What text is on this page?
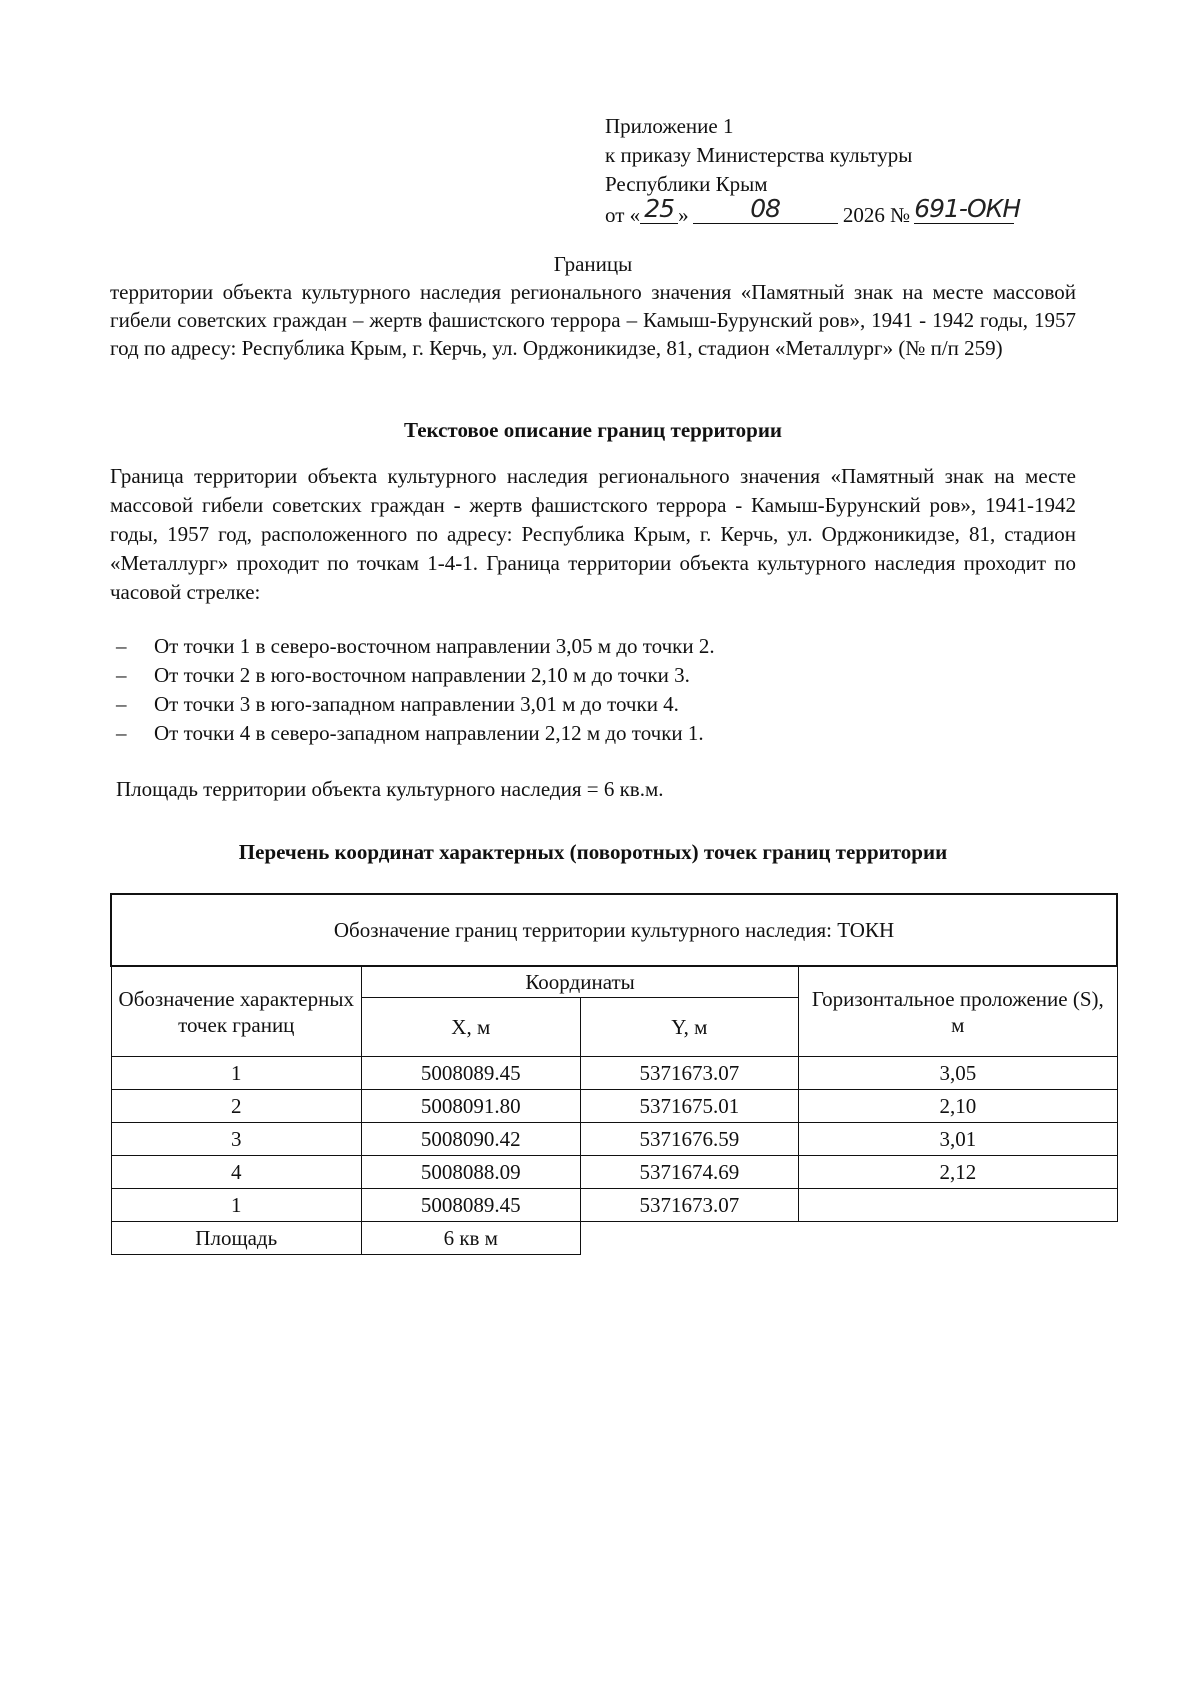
Приложение 1
к приказу Министерства культуры
Республики Крым
от « 25 » 08	2026 № 691-ОКН
Границы
территории объекта культурного наследия регионального значения «Памятный знак на месте массовой гибели советских граждан – жертв фашистского террора – Камыш-Бурунский ров», 1941 - 1942 годы, 1957 год по адресу: Республика Крым, г. Керчь, ул. Орджоникидзе, 81, стадион «Металлург» (№ п/п 259)
Текстовое описание границ территории
Граница территории объекта культурного наследия регионального значения «Памятный знак на месте массовой гибели советских граждан - жертв фашистского террора - Камыш-Бурунский ров», 1941-1942 годы, 1957 год, расположенного по адресу: Республика Крым, г. Керчь, ул. Орджоникидзе, 81, стадион «Металлург» проходит по точкам 1-4-1. Граница территории объекта культурного наследия проходит по часовой стрелке:
– От точки 1 в северо-восточном направлении 3,05 м до точки 2.
– От точки 2 в юго-восточном направлении 2,10 м до точки 3.
– От точки 3 в юго-западном направлении 3,01 м до точки 4.
– От точки 4 в северо-западном направлении 2,12 м до точки 1.
Площадь территории объекта культурного наследия = 6 кв.м.
Перечень координат характерных (поворотных) точек границ территории
Обозначение границ территории культурного наследия: ТОКН			
Обозначение характерных точек границ	Координаты		Горизонтальное проложение (S), м
	X, м	Y, м	
1	5008089.45	5371673.07	3,05
2	5008091.80	5371675.01	2,10
3	5008090.42	5371676.59	3,01
4	5008088.09	5371674.69	2,12
1	5008089.45	5371673.07	
Площадь	6 кв м		
